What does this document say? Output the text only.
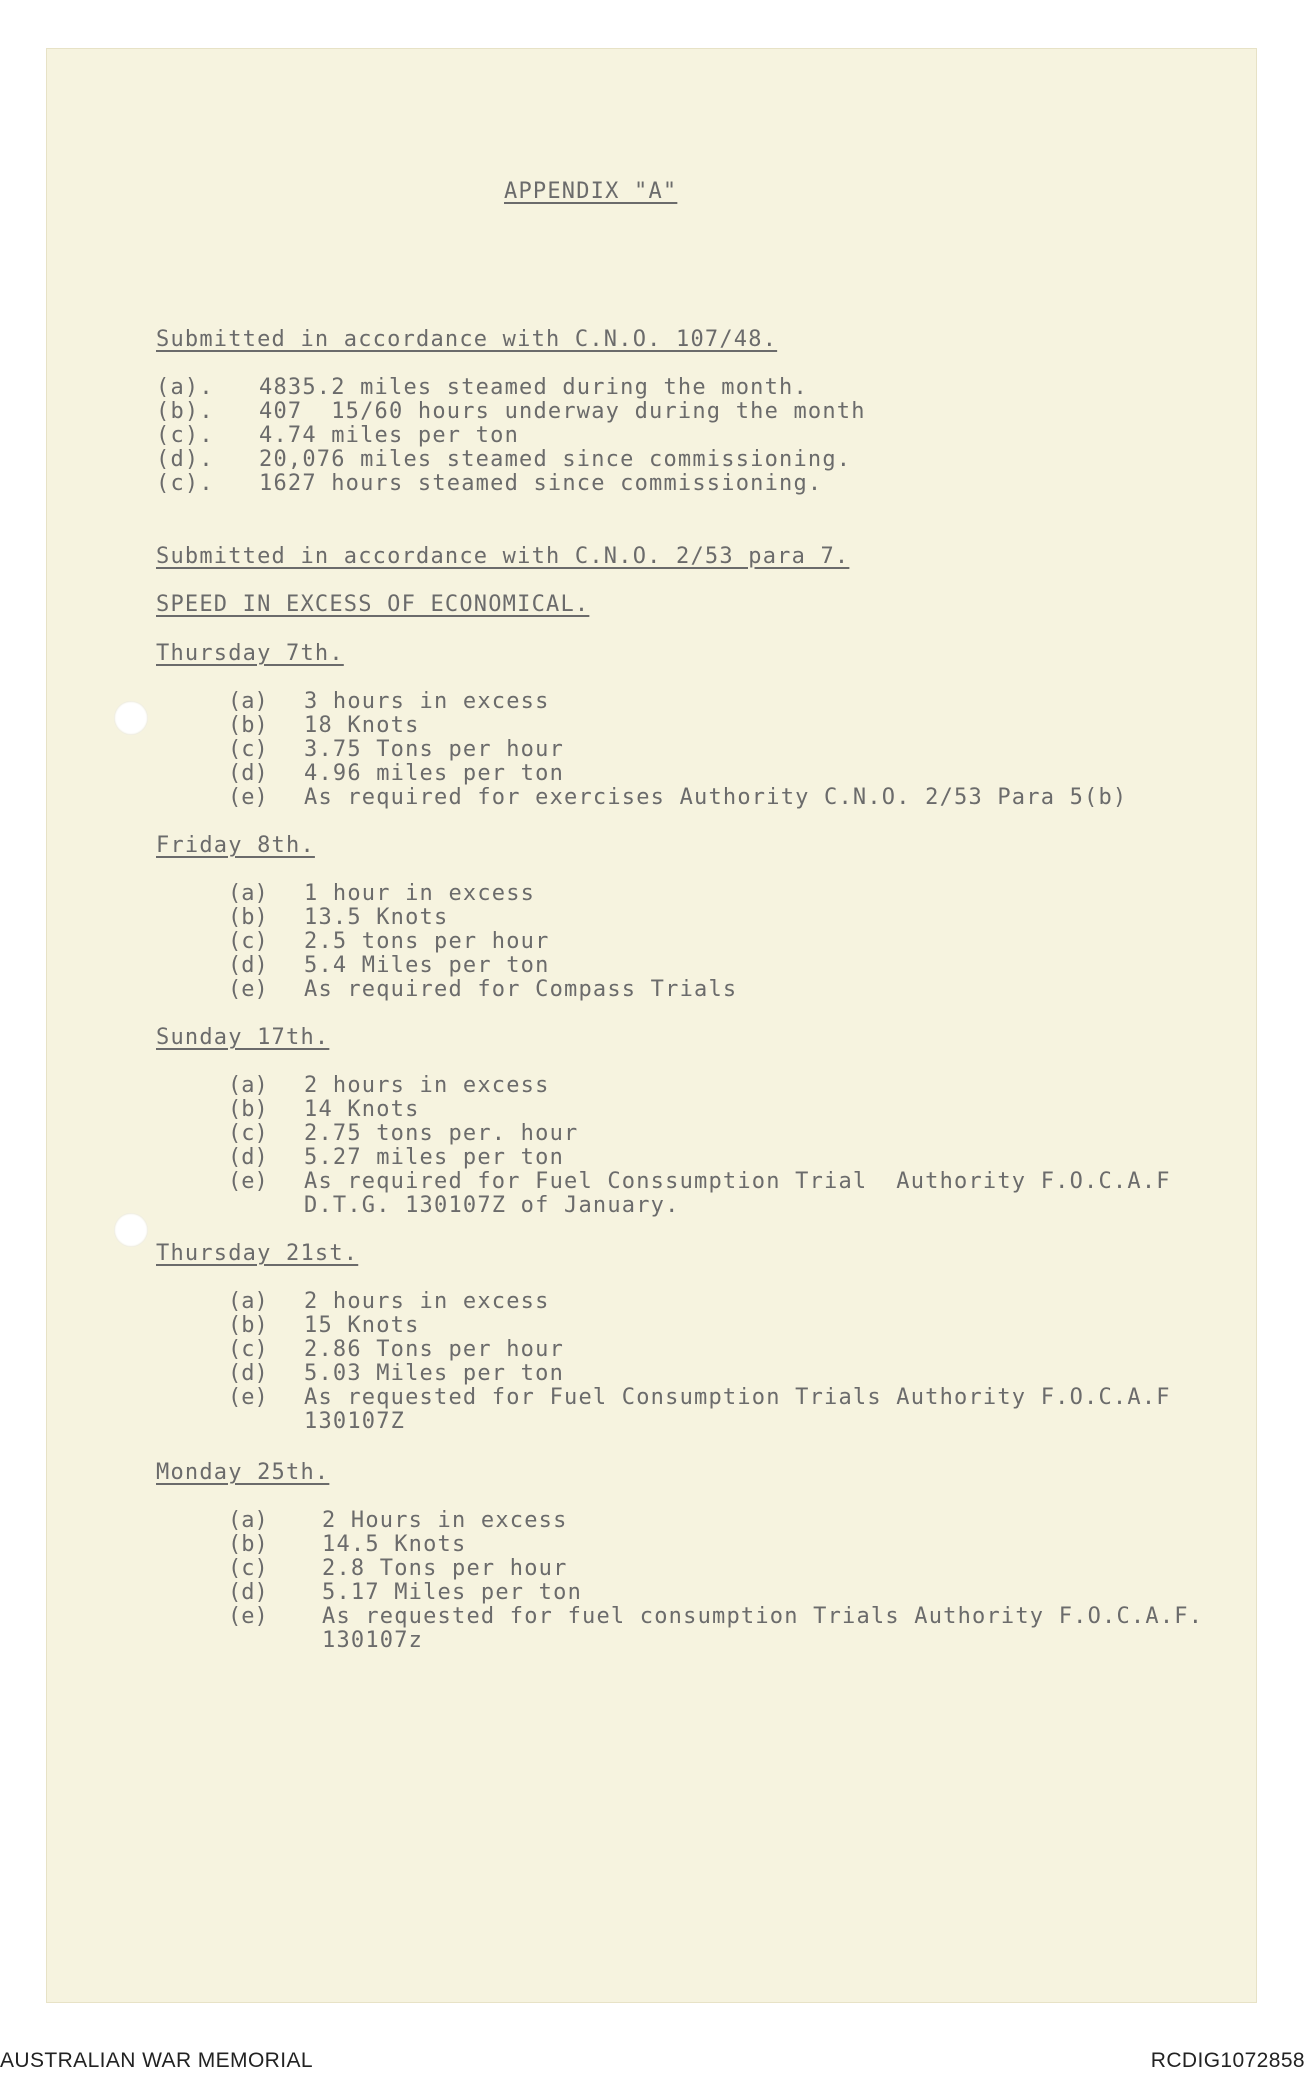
APPENDIX "A"
Submitted in accordance with C.N.O. 107/48.
(a). 4835.2 miles steamed during the month.
(b). 407  15/60 hours underway during the month
(c). 4.74 miles per ton
(d). 20,076 miles steamed since commissioning.
(c). 1627 hours steamed since commissioning.
Submitted in accordance with C.N.O. 2/53 para 7.
SPEED IN EXCESS OF ECONOMICAL.
Thursday 7th.
(a) 3 hours in excess
(b) 18 Knots
(c) 3.75 Tons per hour
(d) 4.96 miles per ton
(e) As required for exercises Authority C.N.O. 2/53 Para 5(b)
Friday 8th.
(a) 1 hour in excess
(b) 13.5 Knots
(c) 2.5 tons per hour
(d) 5.4 Miles per ton
(e) As required for Compass Trials
Sunday 17th.
(a) 2 hours in excess
(b) 14 Knots
(c) 2.75 tons per. hour
(d) 5.27 miles per ton
(e) As required for Fuel Conssumption Trial  Authority F.O.C.A.F
D.T.G. 130107Z of January.
Thursday 21st.
(a) 2 hours in excess
(b) 15 Knots
(c) 2.86 Tons per hour
(d) 5.03 Miles per ton
(e) As requested for Fuel Consumption Trials Authority F.O.C.A.F
130107Z
Monday 25th.
(a) 2 Hours in excess
(b) 14.5 Knots
(c) 2.8 Tons per hour
(d) 5.17 Miles per ton
(e) As requested for fuel consumption Trials Authority F.O.C.A.F.
130107z
AUSTRALIAN WAR MEMORIAL	RCDIG1072858
